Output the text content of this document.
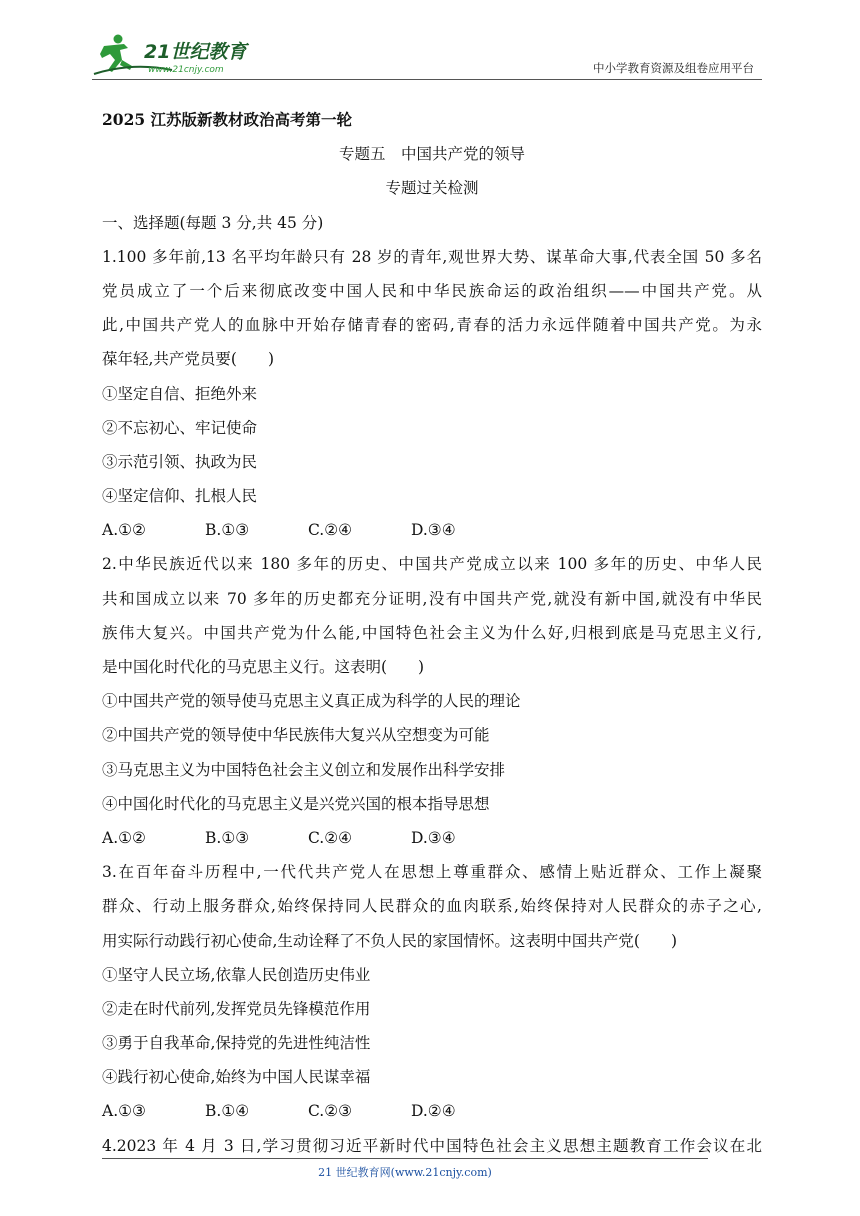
21世纪教育
www.21cnjy.com	中小学教育资源及组卷应用平台
2025 江苏版新教材政治高考第一轮
专题五　中国共产党的领导
专题过关检测
一、选择题(每题 3 分,共 45 分)
1.100 多年前,13 名平均年龄只有 28 岁的青年,观世界大势、谋革命大事,代表全国 50 多名
党员成立了一个后来彻底改变中国人民和中华民族命运的政治组织——中国共产党。从
此,中国共产党人的血脉中开始存储青春的密码,青春的活力永远伴随着中国共产党。为永
葆年轻,共产党员要(　　)
①坚定自信、拒绝外来
②不忘初心、牢记使命
③示范引领、执政为民
④坚定信仰、扎根人民
A.①②	B.①③	C.②④	D.③④
2.中华民族近代以来 180 多年的历史、中国共产党成立以来 100 多年的历史、中华人民
共和国成立以来 70 多年的历史都充分证明,没有中国共产党,就没有新中国,就没有中华民
族伟大复兴。中国共产党为什么能,中国特色社会主义为什么好,归根到底是马克思主义行,
是中国化时代化的马克思主义行。这表明(　　)
①中国共产党的领导使马克思主义真正成为科学的人民的理论
②中国共产党的领导使中华民族伟大复兴从空想变为可能
③马克思主义为中国特色社会主义创立和发展作出科学安排
④中国化时代化的马克思主义是兴党兴国的根本指导思想
A.①②	B.①③	C.②④	D.③④
3.在百年奋斗历程中,一代代共产党人在思想上尊重群众、感情上贴近群众、工作上凝聚
群众、行动上服务群众,始终保持同人民群众的血肉联系,始终保持对人民群众的赤子之心,
用实际行动践行初心使命,生动诠释了不负人民的家国情怀。这表明中国共产党(　　)
①坚守人民立场,依靠人民创造历史伟业
②走在时代前列,发挥党员先锋模范作用
③勇于自我革命,保持党的先进性纯洁性
④践行初心使命,始终为中国人民谋幸福
A.①③	B.①④	C.②③	D.②④
4.2023 年 4 月 3 日,学习贯彻习近平新时代中国特色社会主义思想主题教育工作会议在北
21 世纪教育网(www.21cnjy.com)
